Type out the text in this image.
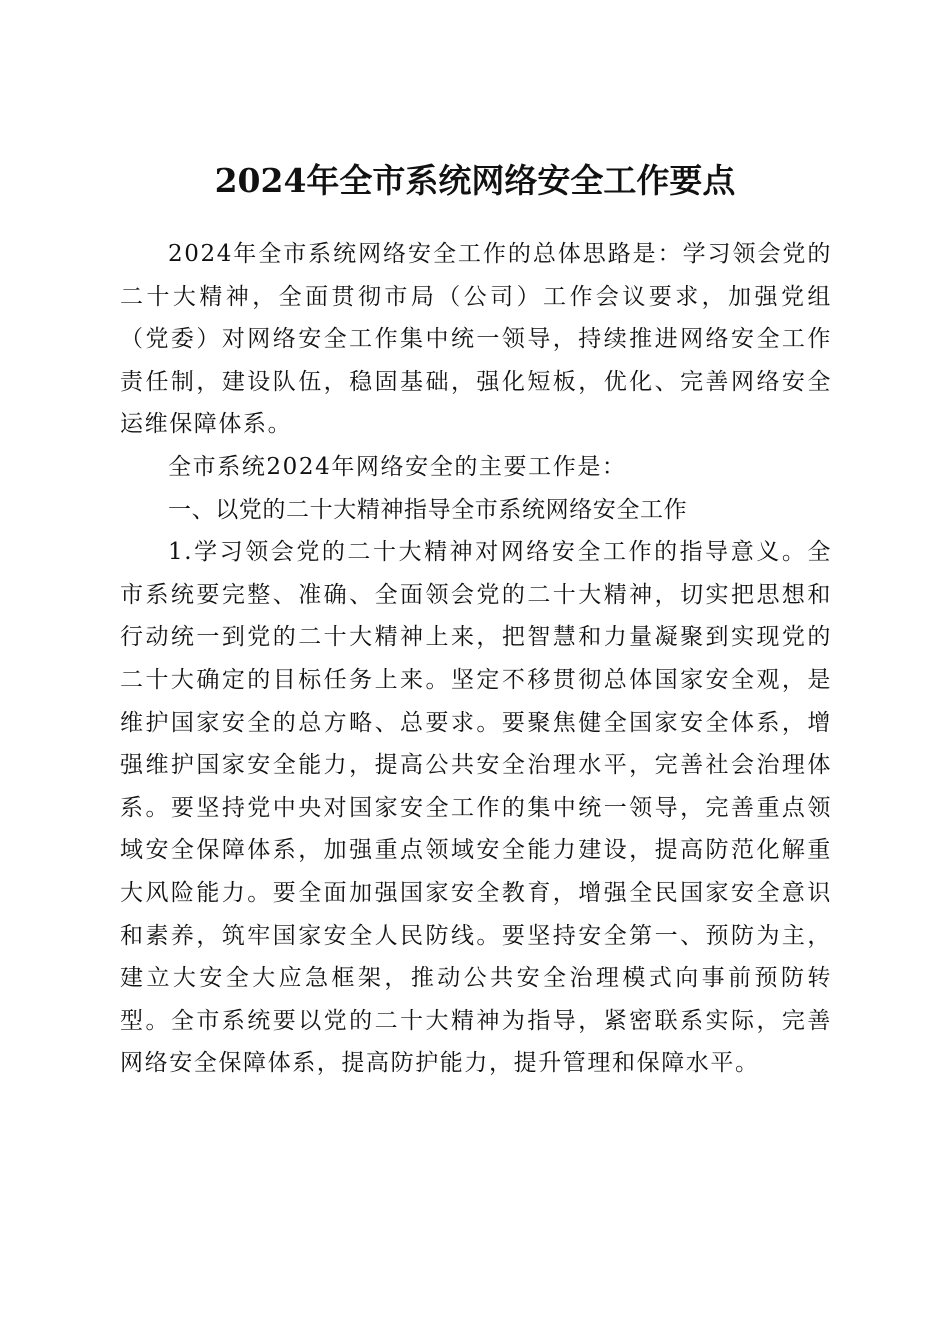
2024年全市系统网络安全工作要点

2024年全市系统网络安全工作的总体思路是：学习领会党的二十大精神，全面贯彻市局（公司）工作会议要求，加强党组（党委）对网络安全工作集中统一领导，持续推进网络安全工作责任制，建设队伍，稳固基础，强化短板，优化、完善网络安全运维保障体系。

全市系统2024年网络安全的主要工作是：

一、以党的二十大精神指导全市系统网络安全工作

1.学习领会党的二十大精神对网络安全工作的指导意义。全市系统要完整、准确、全面领会党的二十大精神，切实把思想和行动统一到党的二十大精神上来，把智慧和力量凝聚到实现党的二十大确定的目标任务上来。坚定不移贯彻总体国家安全观，是维护国家安全的总方略、总要求。要聚焦健全国家安全体系，增强维护国家安全能力，提高公共安全治理水平，完善社会治理体系。要坚持党中央对国家安全工作的集中统一领导，完善重点领域安全保障体系，加强重点领域安全能力建设，提高防范化解重大风险能力。要全面加强国家安全教育，增强全民国家安全意识和素养，筑牢国家安全人民防线。要坚持安全第一、预防为主，建立大安全大应急框架，推动公共安全治理模式向事前预防转型。全市系统要以党的二十大精神为指导，紧密联系实际，完善网络安全保障体系，提高防护能力，提升管理和保障水平。
